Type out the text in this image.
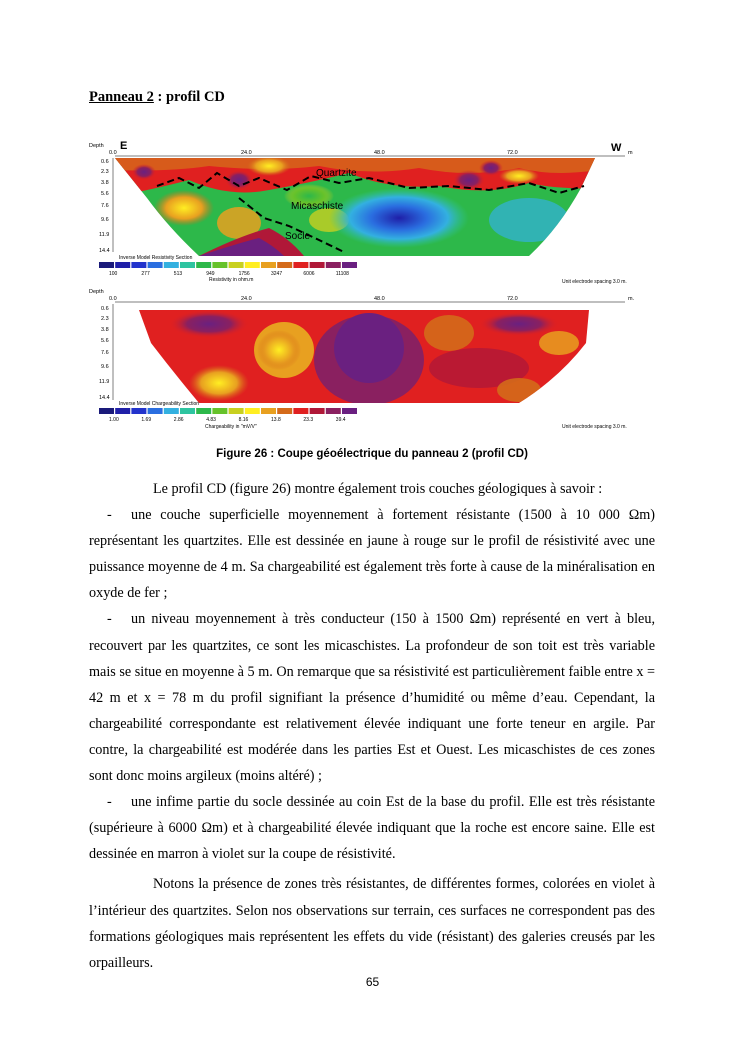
Panneau 2 : profil CD
Depth E	W m
0.0	24.0	48.0	72.0
0.6
2.3
3.8
5.6
7.6
9.6
11.9
14.4
Quartzite
Micaschiste
Socle
Inverse Model Resistivity Section
100	277	513	949	1756	3247	6006	11108
Resistivity in ohm.m	Unit electrode spacing 3.0 m.
Depth
m.
0.0	24.0	48.0	72.0
0.6
2.3
3.8
5.6
7.6
9.6
11.9
14.4
Inverse Model Chargeability Section
1.00	1.69	2.86	4.83	8.16	13.8	23.3	39.4
Chargeability in "mV/V"	Unit electrode spacing 3.0 m.
Figure 26 : Coupe géoélectrique du panneau 2 (profil CD)

Le profil CD (figure 26) montre également trois couches géologiques à savoir :

- une couche superficielle moyennement à fortement résistante (1500 à 10 000 Ωm) représentant les quartzites. Elle est dessinée en jaune à rouge sur le profil de résistivité avec une puissance moyenne de 4 m. Sa chargeabilité est également très forte à cause de la minéralisation en oxyde de fer ;

- un niveau moyennement à très conducteur (150 à 1500 Ωm) représenté en vert à bleu, recouvert par les quartzites, ce sont les micaschistes. La profondeur de son toit est très variable mais se situe en moyenne à 5 m. On remarque que sa résistivité est particulièrement faible entre x = 42 m et x = 78 m du profil signifiant la présence d’humidité ou même d’eau. Cependant, la chargeabilité correspondante est relativement élevée indiquant une forte teneur en argile. Par contre, la chargeabilité est modérée dans les parties Est et Ouest. Les micaschistes de ces zones sont donc moins argileux (moins altéré) ;

- une infime partie du socle dessinée au coin Est de la base du profil. Elle est très résistante (supérieure à 6000 Ωm) et à chargeabilité élevée indiquant que la roche est encore saine. Elle est dessinée en marron à violet sur la coupe de résistivité.

Notons la présence de zones très résistantes, de différentes formes, colorées en violet à l’intérieur des quartzites. Selon nos observations sur terrain, ces surfaces ne correspondent pas des formations géologiques mais représentent les effets du vide (résistant) des galeries creusés par les orpailleurs.

65
